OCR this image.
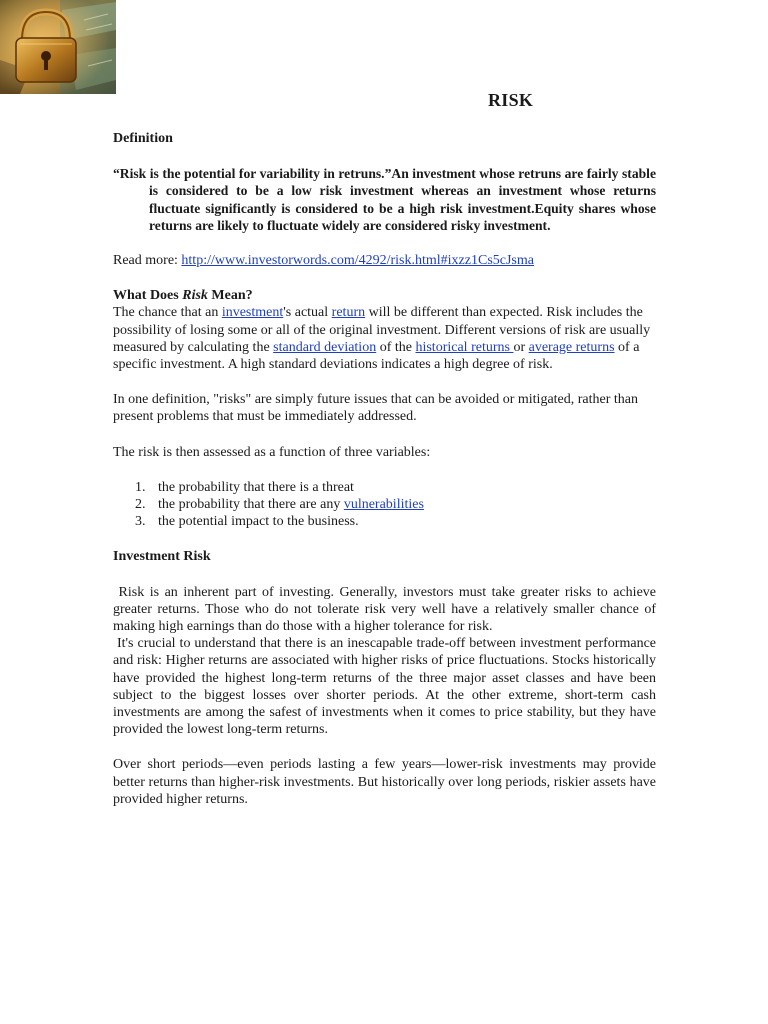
RISK

Definition

“Risk is the potential for variability in retruns.”An investment whose retruns are fairly stable is considered to be a low risk investment whereas an investment whose returns fluctuate significantly is considered to be a high risk investment.Equity shares whose returns are likely to fluctuate widely are considered risky investment.

Read more: http://www.investorwords.com/4292/risk.html#ixzz1Cs5cJsma

What Does Risk Mean?

The chance that an investment's actual return will be different than expected. Risk includes the possibility of losing some or all of the original investment. Different versions of risk are usually measured by calculating the standard deviation of the historical returns or average returns of a specific investment. A high standard deviations indicates a high degree of risk.

In one definition, "risks" are simply future issues that can be avoided or mitigated, rather than present problems that must be immediately addressed.

The risk is then assessed as a function of three variables:

1. the probability that there is a threat
2. the probability that there are any vulnerabilities
3. the potential impact to the business.

Investment Risk

Risk is an inherent part of investing. Generally, investors must take greater risks to achieve greater returns. Those who do not tolerate risk very well have a relatively smaller chance of making high earnings than do those with a higher tolerance for risk.

It's crucial to understand that there is an inescapable trade-off between investment performance and risk: Higher returns are associated with higher risks of price fluctuations. Stocks historically have provided the highest long-term returns of the three major asset classes and have been subject to the biggest losses over shorter periods. At the other extreme, short-term cash investments are among the safest of investments when it comes to price stability, but they have provided the lowest long-term returns.

Over short periods—even periods lasting a few years—lower-risk investments may provide better returns than higher-risk investments. But historically over long periods, riskier assets have provided higher returns.
